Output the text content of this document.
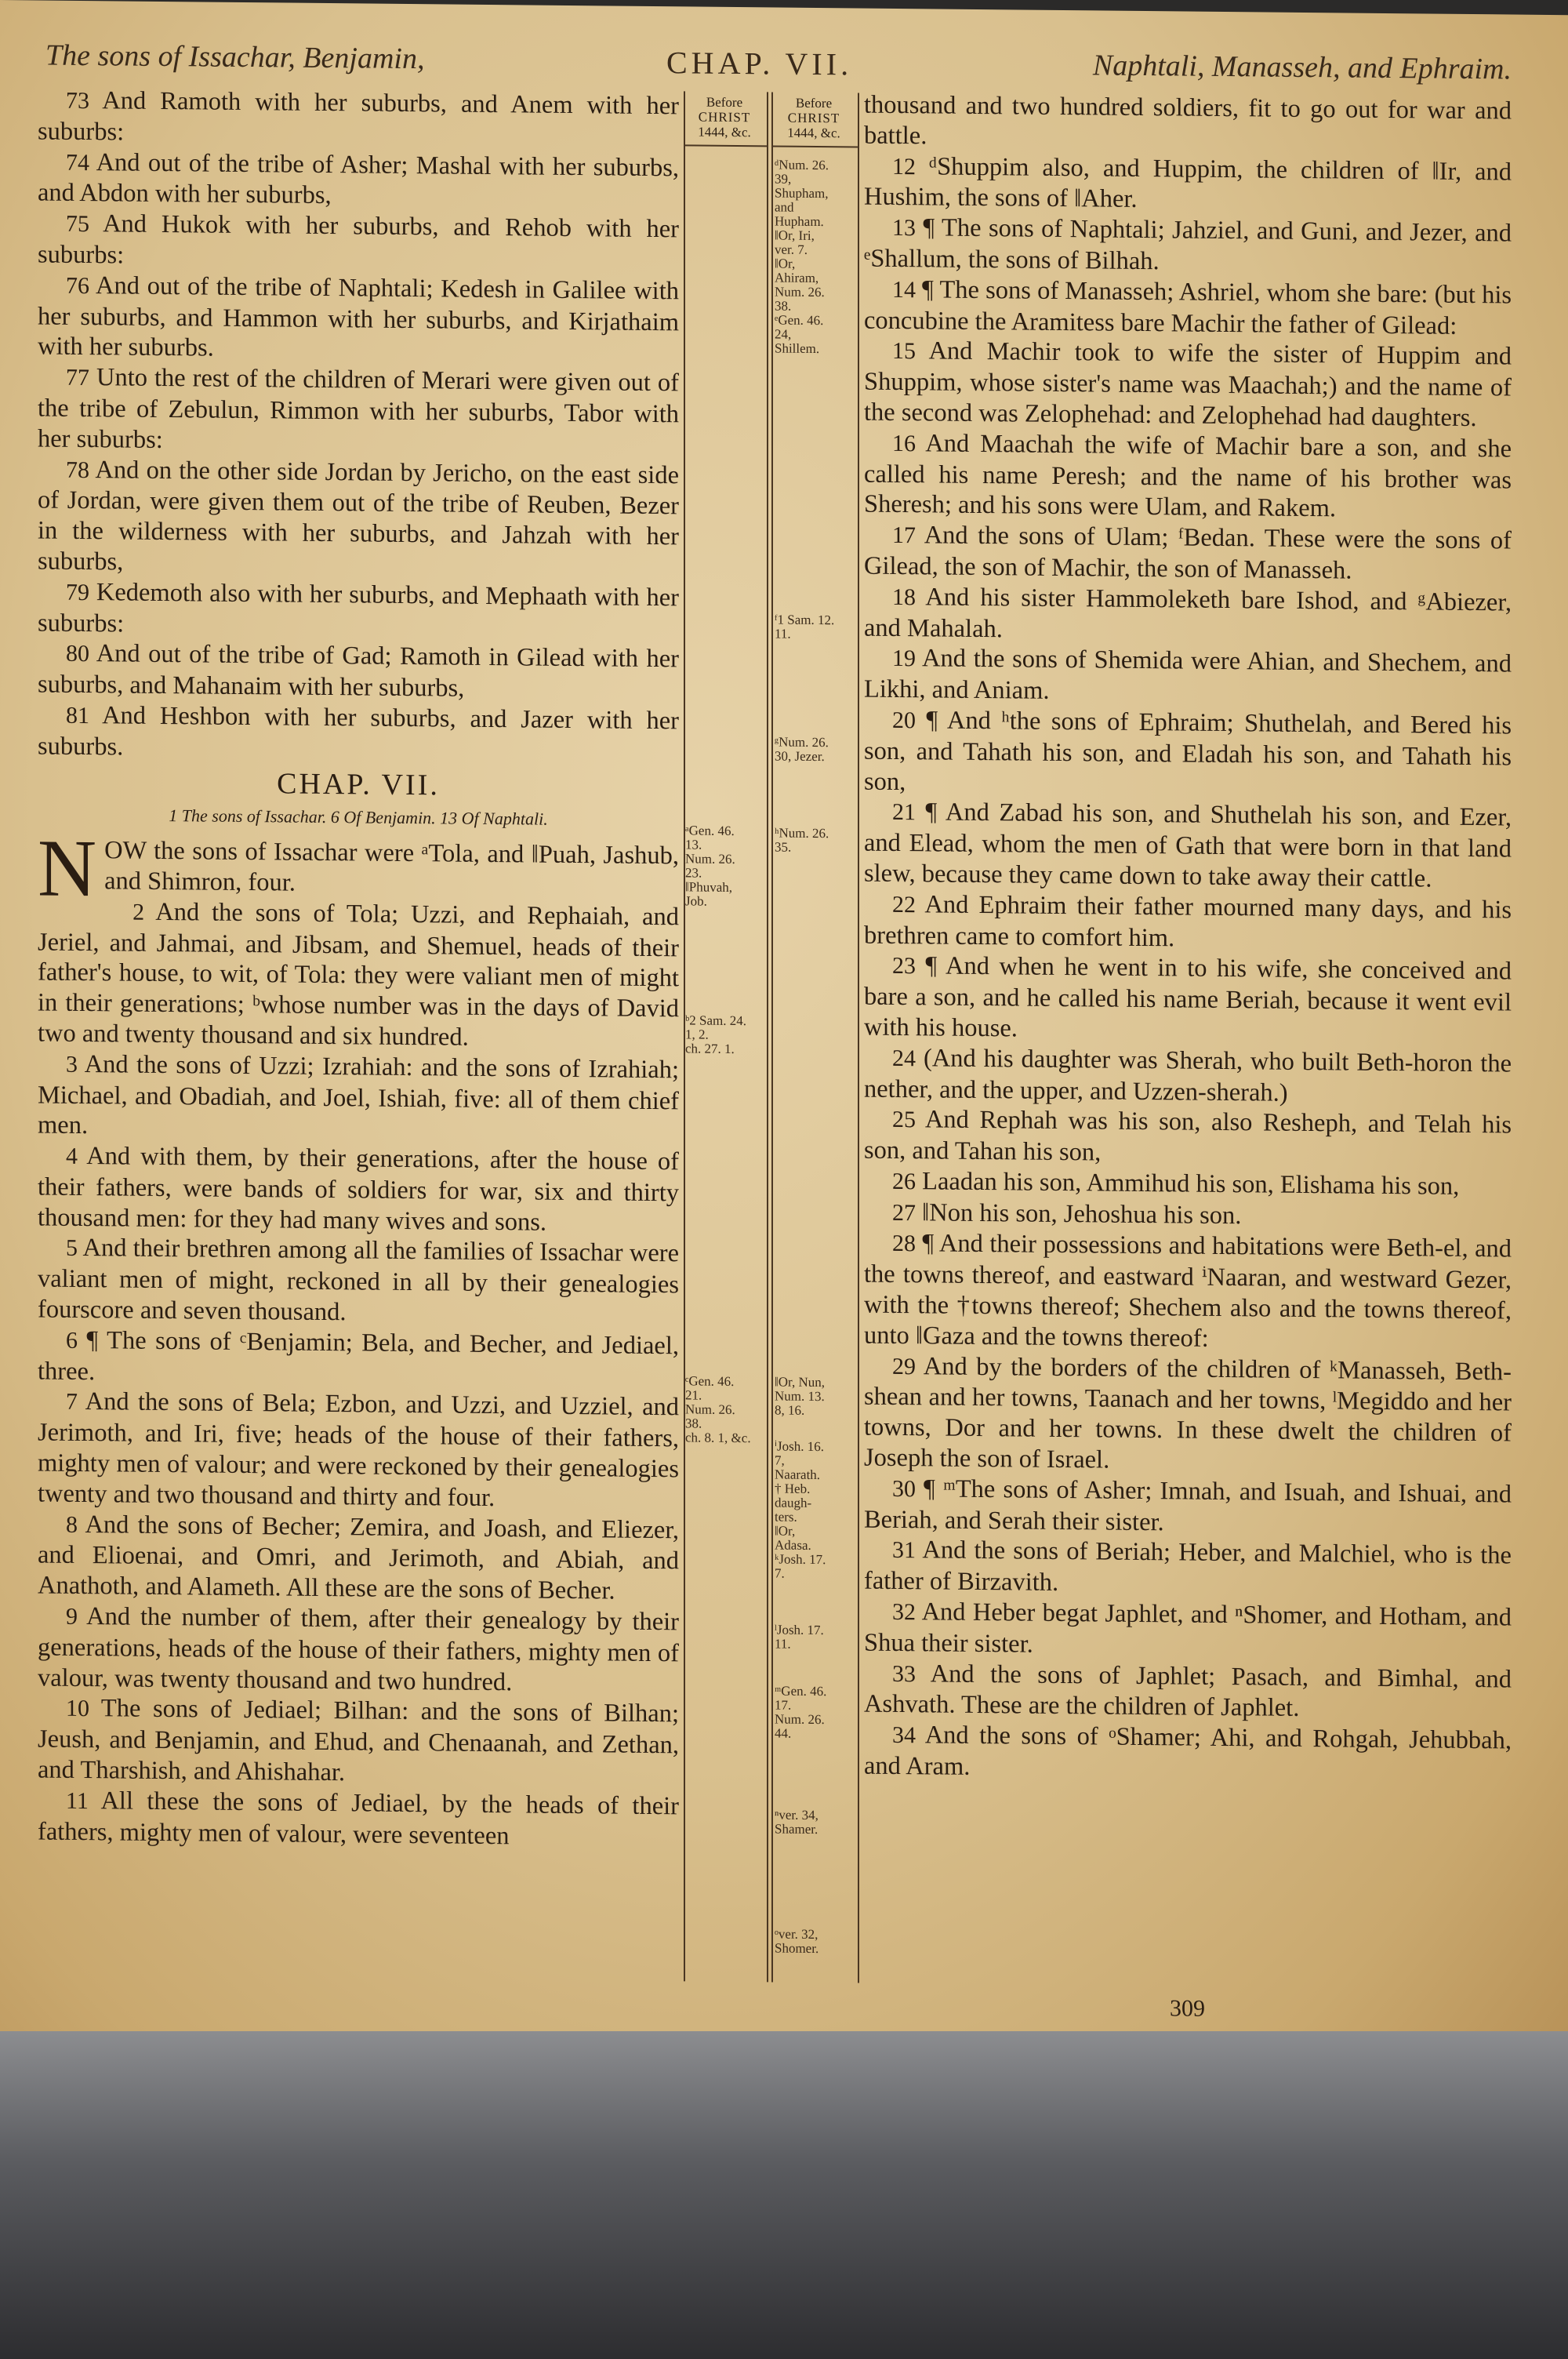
The sons of Issachar, Benjamin,	CHAP. VII.	Naphtali, Manasseh, and Ephraim.
Before
CHRIST
1444, &c.
Before
CHRIST
1444, &c.

73 And Ramoth with her suburbs, and Anem with her suburbs:

74 And out of the tribe of Asher; Mashal with her suburbs, and Abdon with her suburbs,

75 And Hukok with her suburbs, and Rehob with her suburbs:

76 And out of the tribe of Naphtali; Kedesh in Galilee with her suburbs, and Hammon with her suburbs, and Kirjathaim with her suburbs.

77 Unto the rest of the children of Merari were given out of the tribe of Zebulun, Rimmon with her suburbs, Tabor with her suburbs:

78 And on the other side Jordan by Jericho, on the east side of Jordan, were given them out of the tribe of Reuben, Bezer in the wilderness with her suburbs, and Jahzah with her suburbs,

79 Kedemoth also with her suburbs, and Mephaath with her suburbs:

80 And out of the tribe of Gad; Ramoth in Gilead with her suburbs, and Mahanaim with her suburbs,

81 And Heshbon with her suburbs, and Jazer with her suburbs.

CHAP. VII.
1 The sons of Issachar. 6 Of Benjamin. 13 Of Naphtali.

NOW the sons of Issachar were ᵃTola, and ‖Puah, Jashub, and Shimron, four.

2 And the sons of Tola; Uzzi, and Rephaiah, and Jeriel, and Jahmai, and Jibsam, and Shemuel, heads of their father's house, to wit, of Tola: they were valiant men of might in their generations; ᵇwhose number was in the days of David two and twenty thousand and six hundred.

3 And the sons of Uzzi; Izrahiah: and the sons of Izrahiah; Michael, and Obadiah, and Joel, Ishiah, five: all of them chief men.

4 And with them, by their generations, after the house of their fathers, were bands of soldiers for war, six and thirty thousand men: for they had many wives and sons.

5 And their brethren among all the families of Issachar were valiant men of might, reckoned in all by their genealogies fourscore and seven thousand.

6 ¶ The sons of ᶜBenjamin; Bela, and Becher, and Jediael, three.

7 And the sons of Bela; Ezbon, and Uzzi, and Uzziel, and Jerimoth, and Iri, five; heads of the house of their fathers, mighty men of valour; and were reckoned by their genealogies twenty and two thousand and thirty and four.

8 And the sons of Becher; Zemira, and Joash, and Eliezer, and Elioenai, and Omri, and Jerimoth, and Abiah, and Anathoth, and Alameth. All these are the sons of Becher.

9 And the number of them, after their genealogy by their generations, heads of the house of their fathers, mighty men of valour, was twenty thousand and two hundred.

10 The sons of Jediael; Bilhan: and the sons of Bilhan; Jeush, and Benjamin, and Ehud, and Chenaanah, and Zethan, and Tharshish, and Ahishahar.

11 All these the sons of Jediael, by the heads of their fathers, mighty men of valour, were seventeen

thousand and two hundred soldiers, fit to go out for war and battle.

12 ᵈShuppim also, and Huppim, the children of ‖Ir, and Hushim, the sons of ‖Aher.

13 ¶ The sons of Naphtali; Jahziel, and Guni, and Jezer, and ᵉShallum, the sons of Bilhah.

14 ¶ The sons of Manasseh; Ashriel, whom she bare: (but his concubine the Aramitess bare Machir the father of Gilead:

15 And Machir took to wife the sister of Huppim and Shuppim, whose sister's name was Maachah;) and the name of the second was Zelophehad: and Zelophehad had daughters.

16 And Maachah the wife of Machir bare a son, and she called his name Peresh; and the name of his brother was Sheresh; and his sons were Ulam, and Rakem.

17 And the sons of Ulam; ᶠBedan. These were the sons of Gilead, the son of Machir, the son of Manasseh.

18 And his sister Hammoleketh bare Ishod, and ᵍAbiezer, and Mahalah.

19 And the sons of Shemida were Ahian, and Shechem, and Likhi, and Aniam.

20 ¶ And ʰthe sons of Ephraim; Shuthelah, and Bered his son, and Tahath his son, and Eladah his son, and Tahath his son,

21 ¶ And Zabad his son, and Shuthelah his son, and Ezer, and Elead, whom the men of Gath that were born in that land slew, because they came down to take away their cattle.

22 And Ephraim their father mourned many days, and his brethren came to comfort him.

23 ¶ And when he went in to his wife, she conceived and bare a son, and he called his name Beriah, because it went evil with his house.

24 (And his daughter was Sherah, who built Beth-horon the nether, and the upper, and Uzzen-sherah.)

25 And Rephah was his son, also Resheph, and Telah his son, and Tahan his son,

26 Laadan his son, Ammihud his son, Elishama his son,

27 ‖Non his son, Jehoshua his son.

28 ¶ And their possessions and habitations were Beth-el, and the towns thereof, and eastward ⁱNaaran, and westward Gezer, with the †towns thereof; Shechem also and the towns thereof, unto ‖Gaza and the towns thereof:

29 And by the borders of the children of ᵏManasseh, Beth-shean and her towns, Taanach and her towns, ˡMegiddo and her towns, Dor and her towns. In these dwelt the children of Joseph the son of Israel.

30 ¶ ᵐThe sons of Asher; Imnah, and Isuah, and Ishuai, and Beriah, and Serah their sister.

31 And the sons of Beriah; Heber, and Malchiel, who is the father of Birzavith.

32 And Heber begat Japhlet, and ⁿShomer, and Hotham, and Shua their sister.

33 And the sons of Japhlet; Pasach, and Bimhal, and Ashvath. These are the children of Japhlet.

34 And the sons of ᵒShamer; Ahi, and Rohgah, Jehubbah, and Aram.

ᵃGen. 46.
13.
Num. 26.
23.
‖Phuvah,
Job.
ᵇ2 Sam. 24.
1, 2.
ch. 27. 1.
ᶜGen. 46.
21.
Num. 26.
38.
ch. 8. 1, &c.
ᵈNum. 26.
39,
Shupham,
and
Hupham.
‖Or, Iri,
ver. 7.
‖Or,
Ahiram,
Num. 26.
38.
ᵉGen. 46.
24,
Shillem.
ᶠ1 Sam. 12.
11.
ᵍNum. 26.
30, Jezer.
ʰNum. 26.
35.
‖Or, Nun,
Num. 13.
8, 16.
ⁱJosh. 16.
7,
Naarath.
† Heb.
daugh-
ters.
‖Or,
Adasa.
ᵏJosh. 17.
7.
ˡJosh. 17.
11.
ᵐGen. 46.
17.
Num. 26.
44.
ⁿver. 34,
Shamer.
ᵒver. 32,
Shomer.
309
